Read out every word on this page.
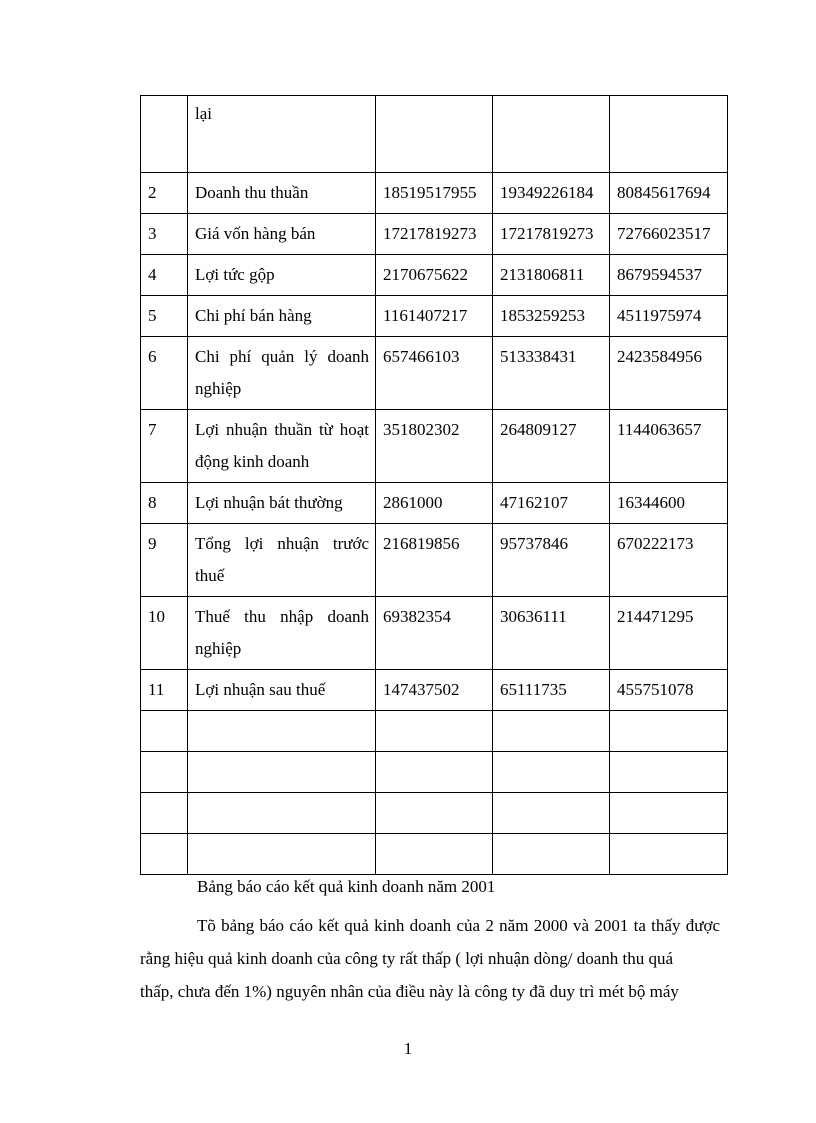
	lại			
2	Doanh thu thuần	18519517955	19349226184	80845617694
3	Giá vốn hàng bán	17217819273	17217819273	72766023517
4	Lợi tức gộp	2170675622	2131806811	8679594537
5	Chi phí bán hàng	1161407217	1853259253	4511975974
6	Chi phí quản lý doanh nghiệp	657466103	513338431	2423584956
7	Lợi nhuận thuần từ hoạt động kinh doanh	351802302	264809127	1144063657
8	Lợi nhuận bát thường	2861000	47162107	16344600
9	Tổng lợi nhuận trước thuế	216819856	95737846	670222173
10	Thuế thu nhập doanh nghiệp	69382354	30636111	214471295
11	Lợi nhuận sau thuế	147437502	65111735	455751078

Bảng báo cáo kết quả kinh doanh năm 2001
Tõ bảng báo cáo kết quả kinh doanh của 2 năm 2000 và 2001 ta thấy được rằng hiệu quả kinh doanh của công ty rất thấp ( lợi nhuận dòng/ doanh thu quá
thấp, chưa đến 1%) nguyên nhân của điều này là công ty đã duy trì mét bộ máy
1
